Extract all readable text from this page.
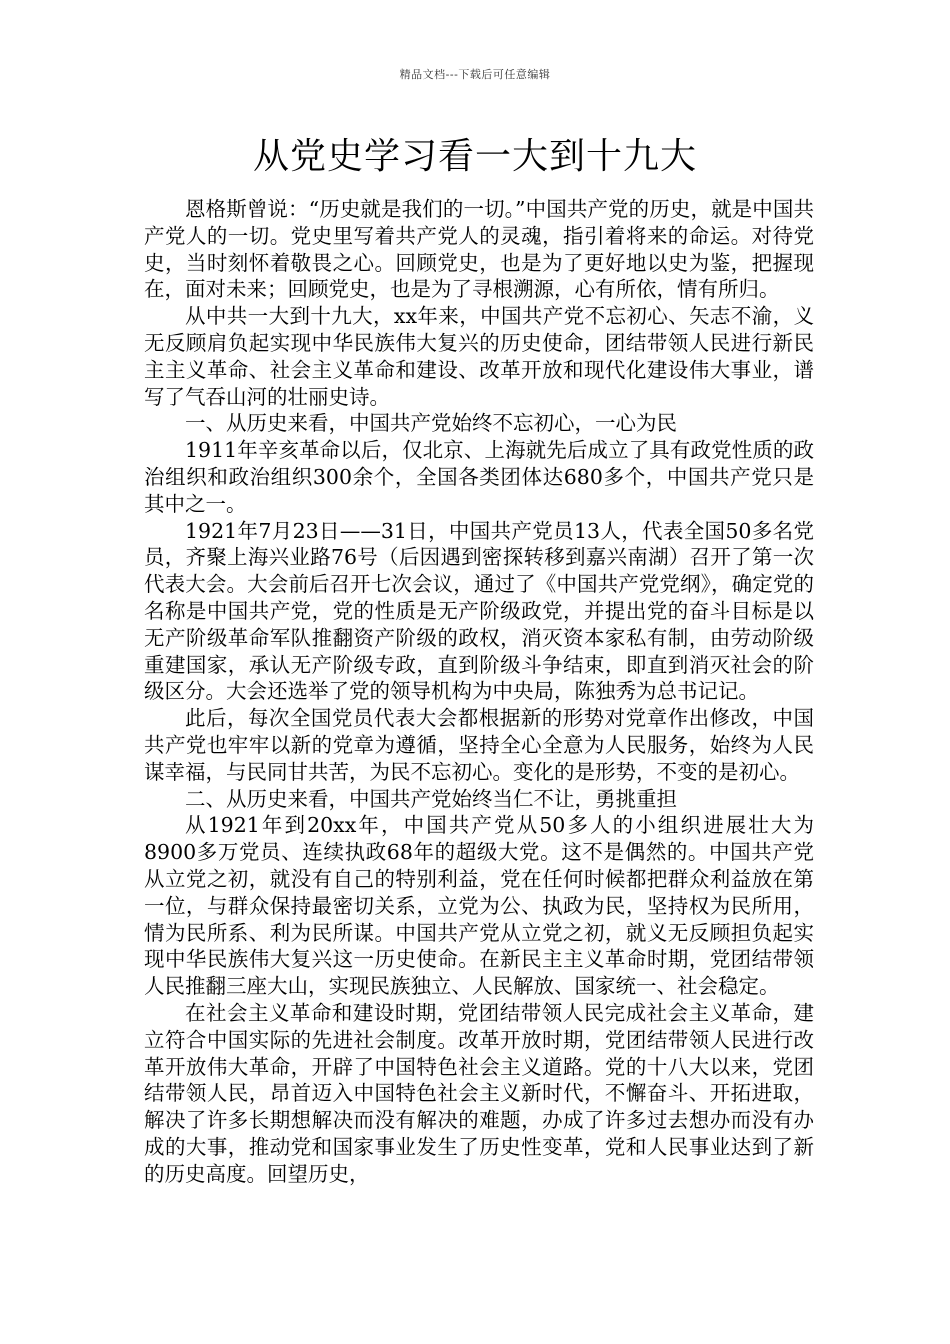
精品文档---下载后可任意编辑
从党史学习看一大到十九大

恩格斯曾说：“历史就是我们的一切。”中国共产党的历史，就是中国共产党人的一切。党史里写着共产党人的灵魂，指引着将来的命运。对待党史，当时刻怀着敬畏之心。回顾党史，也是为了更好地以史为鉴，把握现在，面对未来；回顾党史，也是为了寻根溯源，心有所依，情有所归。

从中共一大到十九大，xx年来，中国共产党不忘初心、矢志不渝，义无反顾肩负起实现中华民族伟大复兴的历史使命，团结带领人民进行新民主主义革命、社会主义革命和建设、改革开放和现代化建设伟大事业，谱写了气吞山河的壮丽史诗。

一、从历史来看，中国共产党始终不忘初心，一心为民

1911年辛亥革命以后，仅北京、上海就先后成立了具有政党性质的政治组织和政治组织300余个，全国各类团体达680多个，中国共产党只是其中之一。

1921年7月23日——31日，中国共产党员13人，代表全国50多名党员，齐聚上海兴业路76号（后因遇到密探转移到嘉兴南湖）召开了第一次代表大会。大会前后召开七次会议，通过了《中国共产党党纲》，确定党的名称是中国共产党，党的性质是无产阶级政党，并提出党的奋斗目标是以无产阶级革命军队推翻资产阶级的政权，消灭资本家私有制，由劳动阶级重建国家，承认无产阶级专政，直到阶级斗争结束，即直到消灭社会的阶级区分。大会还选举了党的领导机构为中央局，陈独秀为总书记记。

此后，每次全国党员代表大会都根据新的形势对党章作出修改，中国共产党也牢牢以新的党章为遵循，坚持全心全意为人民服务，始终为人民谋幸福，与民同甘共苦，为民不忘初心。变化的是形势，不变的是初心。

二、从历史来看，中国共产党始终当仁不让，勇挑重担

从1921年到20xx年，中国共产党从50多人的小组织进展壮大为8900多万党员、连续执政68年的超级大党。这不是偶然的。中国共产党从立党之初，就没有自己的特别利益，党在任何时候都把群众利益放在第一位，与群众保持最密切关系，立党为公、执政为民，坚持权为民所用，情为民所系、利为民所谋。中国共产党从立党之初，就义无反顾担负起实现中华民族伟大复兴这一历史使命。在新民主主义革命时期，党团结带领人民推翻三座大山，实现民族独立、人民解放、国家统一、社会稳定。

在社会主义革命和建设时期，党团结带领人民完成社会主义革命，建立符合中国实际的先进社会制度。改革开放时期，党团结带领人民进行改革开放伟大革命，开辟了中国特色社会主义道路。党的十八大以来，党团结带领人民，昂首迈入中国特色社会主义新时代，不懈奋斗、开拓进取，解决了许多长期想解决而没有解决的难题，办成了许多过去想办而没有办成的大事，推动党和国家事业发生了历史性变革，党和人民事业达到了新的历史高度。回望历史，
